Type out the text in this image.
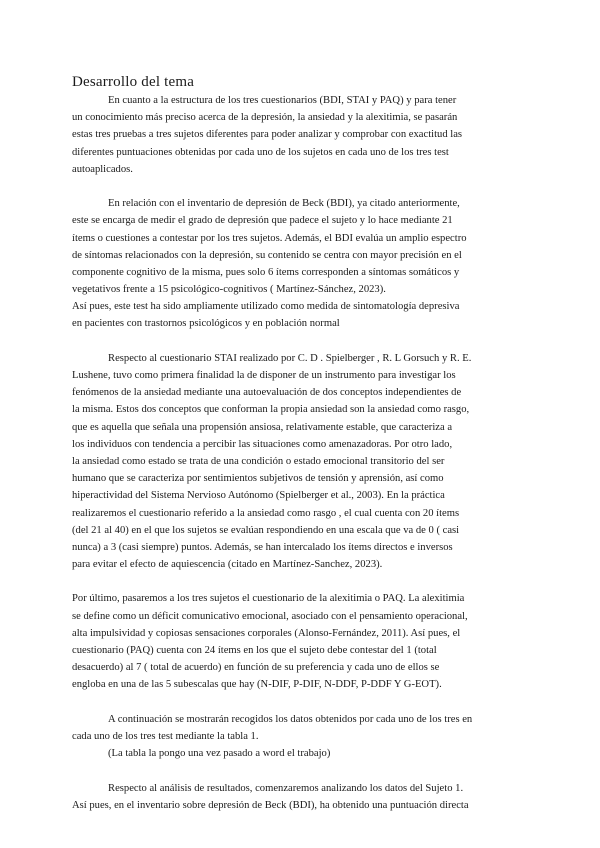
Desarrollo del tema
En cuanto a la estructura de los tres cuestionarios (BDI, STAI y PAQ) y para tener
un conocimiento más preciso acerca de la depresión, la ansiedad y la alexitimia, se pasarán
estas tres pruebas a tres sujetos diferentes para poder analizar y comprobar con exactitud las
diferentes puntuaciones obtenidas por cada uno de los sujetos en cada uno de los tres test
autoaplicados.
En relación con el inventario de depresión de Beck (BDI), ya citado anteriormente,
este se encarga de medir el grado de depresión que padece el sujeto y lo hace mediante 21
ítems o cuestiones a contestar por los tres sujetos. Además, el BDI evalúa un amplio espectro
de síntomas relacionados con la depresión, su contenido se centra con mayor precisión en el
componente cognitivo de la misma, pues solo 6 ítems corresponden a síntomas somáticos y
vegetativos frente a 15 psicológico-cognitivos ( Martínez-Sánchez, 2023).
Así pues, este test ha sido ampliamente utilizado como medida de sintomatología depresiva
en pacientes con trastornos psicológicos y en población normal
Respecto al cuestionario STAI realizado por C. D . Spielberger , R. L Gorsuch y R. E.
Lushene, tuvo como primera finalidad la de disponer de un instrumento para investigar los
fenómenos de la ansiedad mediante una autoevaluación de dos conceptos independientes de
la misma. Estos dos conceptos que conforman la propia ansiedad son la ansiedad como rasgo,
que es aquella que señala una propensión ansiosa, relativamente estable, que caracteriza a
los individuos con tendencia a percibir las situaciones como amenazadoras. Por otro lado,
la ansiedad como estado se trata de una condición o estado emocional transitorio del ser
humano que se caracteriza por sentimientos subjetivos de tensión y aprensión, así como
hiperactividad del Sistema Nervioso Autónomo (Spielberger et al., 2003). En la práctica
realizaremos el cuestionario referido a la ansiedad como rasgo , el cual cuenta con 20 ítems
(del 21 al 40) en el que los sujetos se evalúan respondiendo en una escala que va de 0 ( casi
nunca) a 3 (casi siempre) puntos. Además, se han intercalado los ítems directos e inversos
para evitar el efecto de aquiescencia (citado en Martínez-Sanchez, 2023).
Por último, pasaremos a los tres sujetos el cuestionario de la alexitimia o PAQ. La alexitimia
se define como un déficit comunicativo emocional, asociado con el pensamiento operacional,
alta impulsividad y copiosas sensaciones corporales (Alonso-Fernández, 2011). Así pues, el
cuestionario (PAQ) cuenta con 24 ítems en los que el sujeto debe contestar del 1 (total
desacuerdo) al 7 ( total de acuerdo) en función de su preferencia y cada uno de ellos se
engloba en una de las 5 subescalas que hay (N-DIF, P-DIF, N-DDF, P-DDF Y G-EOT).
A continuación se mostrarán recogidos los datos obtenidos por cada uno de los tres en
cada uno de los tres test mediante la tabla 1.
(La tabla la pongo una vez pasado a word el trabajo)
Respecto al análisis de resultados, comenzaremos analizando los datos del Sujeto 1.
Así pues, en el inventario sobre depresión de Beck (BDI), ha obtenido una puntuación directa
